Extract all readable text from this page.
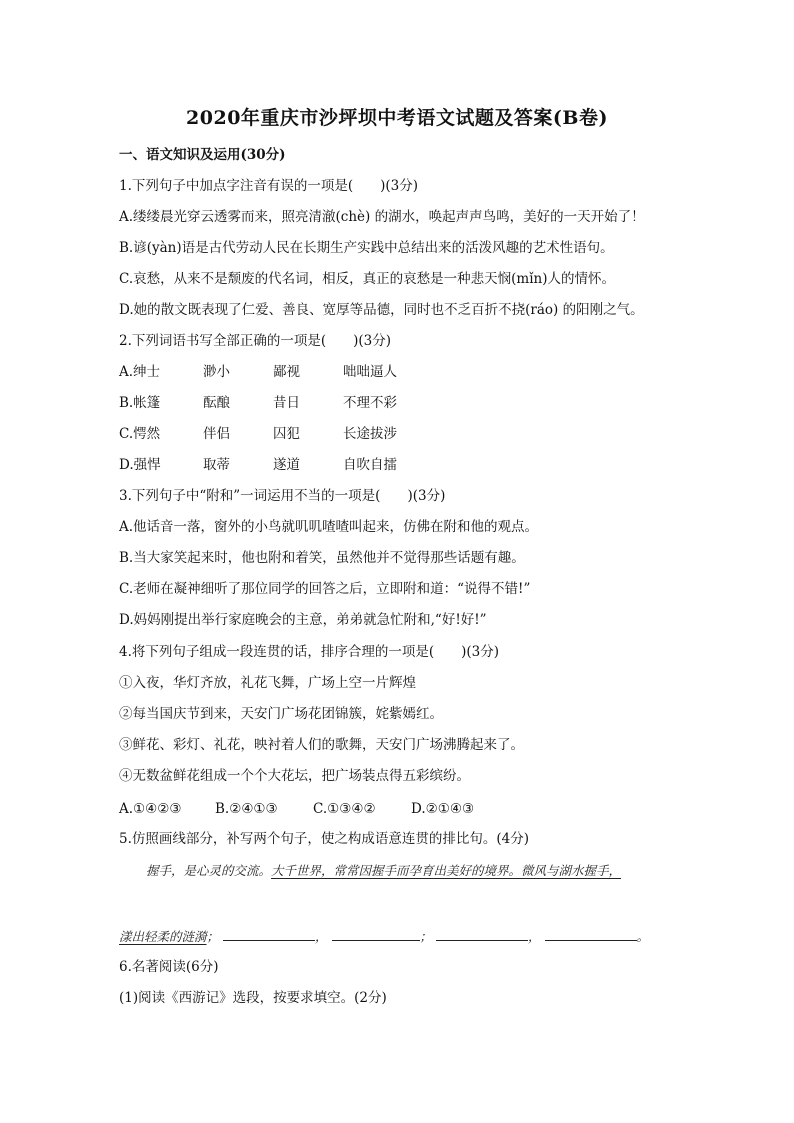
2020年重庆市沙坪坝中考语文试题及答案(B卷)
一、语文知识及运用(30分)
1.下列句子中加点字注音有误的一项是(　　)(3分)
A.缕缕晨光穿云透雾而来，照亮清澈(chè) 的湖水，唤起声声鸟鸣，美好的一天开始了！
B.谚(yàn)语是古代劳动人民在长期生产实践中总结出来的活泼风趣的艺术性语句。
C.哀愁，从来不是颓废的代名词，相反，真正的哀愁是一种悲天悯(mǐn)人的情怀。
D.她的散文既表现了仁爱、善良、宽厚等品德，同时也不乏百折不挠(ráo) 的阳刚之气。
2.下列词语书写全部正确的一项是(　　)(3分)
A.绅士	渺小	鄙视	咄咄逼人
B.帐篷	酝酿	昔日	不理不彩
C.愕然	伴侣	囚犯	长途拔涉
D.强悍	取蒂	遂道	自吹自擂
3.下列句子中“附和”一词运用不当的一项是(　　)(3分)
A.他话音一落，窗外的小鸟就叽叽喳喳叫起来，仿佛在附和他的观点。
B.当大家笑起来时，他也附和着笑，虽然他并不觉得那些话题有趣。
C.老师在凝神细听了那位同学的回答之后，立即附和道：“说得不错!”
D.妈妈刚提出举行家庭晚会的主意，弟弟就急忙附和,“好!好!”
4.将下列句子组成一段连贯的话，排序合理的一项是(　　)(3分)
①入夜，华灯齐放，礼花飞舞，广场上空一片辉煌
②每当国庆节到来，天安门广场花团锦簇，姹紫嫣红。
③鲜花、彩灯、礼花，映衬着人们的歌舞，天安门广场沸腾起来了。
④无数盆鲜花组成一个个大花坛，把广场装点得五彩缤纷。
A.①④②③ B.②④①③	C.①③④②	D.②①④③
5.仿照画线部分，补写两个句子，使之构成语意连贯的排比句。(4分)
握手，是心灵的交流。大千世界，常常因握手而孕育出美好的境界。微风与湖水握手，
漾出轻柔的涟漪；	，	；	，	。
6.名著阅读(6分)
(1)阅读《西游记》选段，按要求填空。(2分)
